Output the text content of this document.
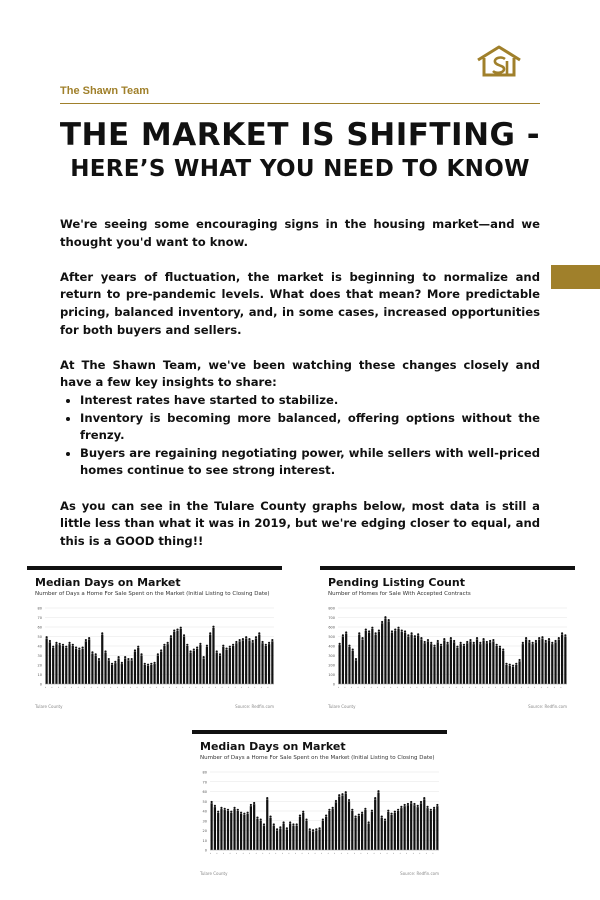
The Shawn Team
THE MARKET IS SHIFTING -
HERE’S WHAT YOU NEED TO KNOW

We're seeing some encouraging signs in the housing market—and we thought you'd want to know.

After years of fluctuation, the market is beginning to normalize and return to pre-pandemic levels. What does that mean? More predictable pricing, balanced inventory, and, in some cases, increased opportunities for both buyers and sellers.

At The Shawn Team, we've been watching these changes closely and have a few key insights to share:

• Interest rates have started to stabilize.
• Inventory is becoming more balanced, offering options without the frenzy.
• Buyers are regaining negotiating power, while sellers with well-priced homes continue to see strong interest.

As you can see in the Tulare County graphs below, most data is still a little less than what it was in 2019, but we're edging closer to equal, and this is a GOOD thing!!

Median Days on Market
Number of Days a Home For Sale Spent on the Market (Initial Listing to Closing Date)
0
10
20
30
40
50
60
70
80
• • • • • • • • • • • • • • • • • • • • • • • • • • • • • • • • • • •
Tulare County	Source: Redfin.com
Pending Listing Count
Number of Homes for Sale With Accepted Contracts
0
100
200
300
400
500
600
700
800
• • • • • • • • • • • • • • • • • • • • • • • • • • • • • • • • • • •
Tulare County	Source: Redfin.com
Median Days on Market
Number of Days a Home For Sale Spent on the Market (Initial Listing to Closing Date)
0
10
20
30
40
50
60
70
80
• • • • • • • • • • • • • • • • • • • • • • • • • • • • • • • • • • •
Tulare County	Source: Redfin.com
